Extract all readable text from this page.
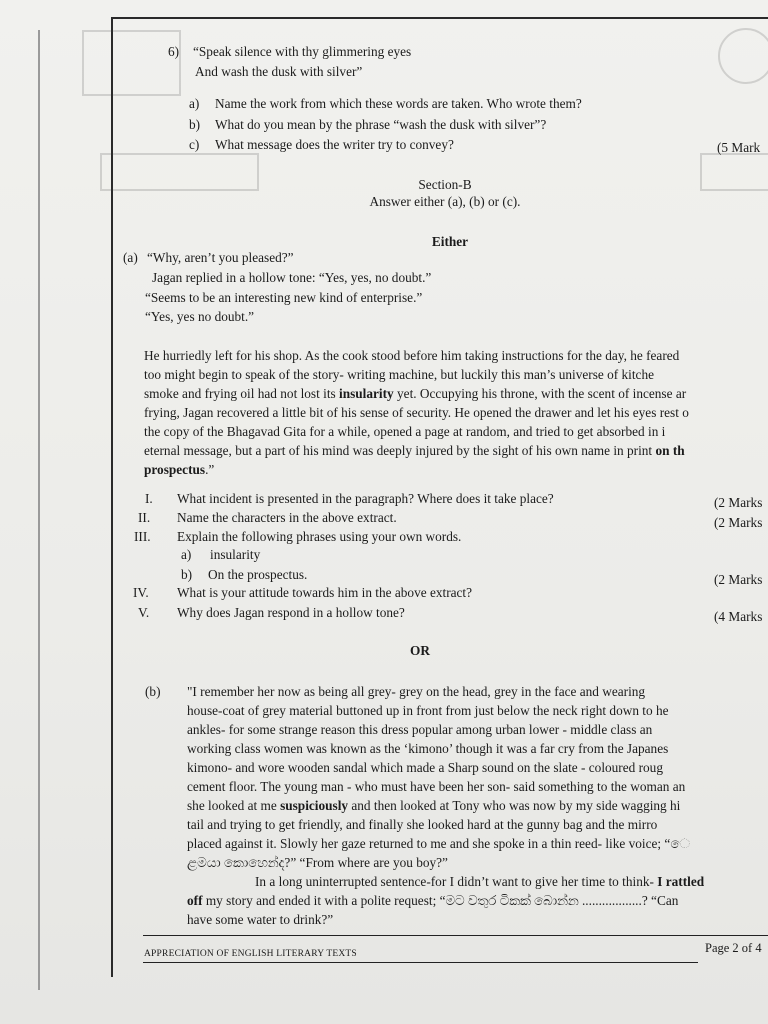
6) “Speak silence with thy glimmering eyes
And wash the dusk with silver”
a) Name the work from which these words are taken. Who wrote them?
b) What do you mean by the phrase “wash the dusk with silver”?
c) What message does the writer try to convey?	(5 Mark
Section-B
Answer either (a), (b) or (c).
Either
(a) “Why, aren’t you pleased?”
Jagan replied in a hollow tone: “Yes, yes, no doubt.”
“Seems to be an interesting new kind of enterprise.”
“Yes, yes no doubt.”
He hurriedly left for his shop. As the cook stood before him taking instructions for the day, he feared
too might begin to speak of the story- writing machine, but luckily this man’s universe of kitche
smoke and frying oil had not lost its insularity yet. Occupying his throne, with the scent of incense ar
frying, Jagan recovered a little bit of his sense of security. He opened the drawer and let his eyes rest o
the copy of the Bhagavad Gita for a while, opened a page at random, and tried to get absorbed in i
eternal message, but a part of his mind was deeply injured by the sight of his own name in print on th
prospectus.”
I. What incident is presented in the paragraph? Where does it take place?	(2 Marks
II. Name the characters in the above extract.	(2 Marks
III. Explain the following phrases using your own words.
a) insularity
b) On the prospectus.	(2 Marks
IV. What is your attitude towards him in the above extract?
V. Why does Jagan respond in a hollow tone?	(4 Marks
OR
(b) "I remember her now as being all grey- grey on the head, grey in the face and wearing
house-coat of grey material buttoned up in front from just below the neck right down to he
ankles- for some strange reason this dress popular among urban lower - middle class an
working class women was known as the ‘kimono’ though it was a far cry from the Japanes
kimono- and wore wooden sandal which made a Sharp sound on the slate - coloured roug
cement floor. The young man - who must have been her son- said something to the woman an
she looked at me suspiciously and then looked at Tony who was now by my side wagging hi
tail and trying to get friendly, and finally she looked hard at the gunny bag and the mirro
placed against it. Slowly her gaze returned to me and she spoke in a thin reed- like voice; “ෙ
ළමයා කොහෙන්ද?” “From where are you boy?”
In a long uninterrupted sentence-for I didn’t want to give her time to think- I rattled
off my story and ended it with a polite request; “මට වතුර ටිකක් බොන්න ..................? “Can
have some water to drink?”
APPRECIATION OF ENGLISH LITERARY TEXTS	Page 2 of 4
